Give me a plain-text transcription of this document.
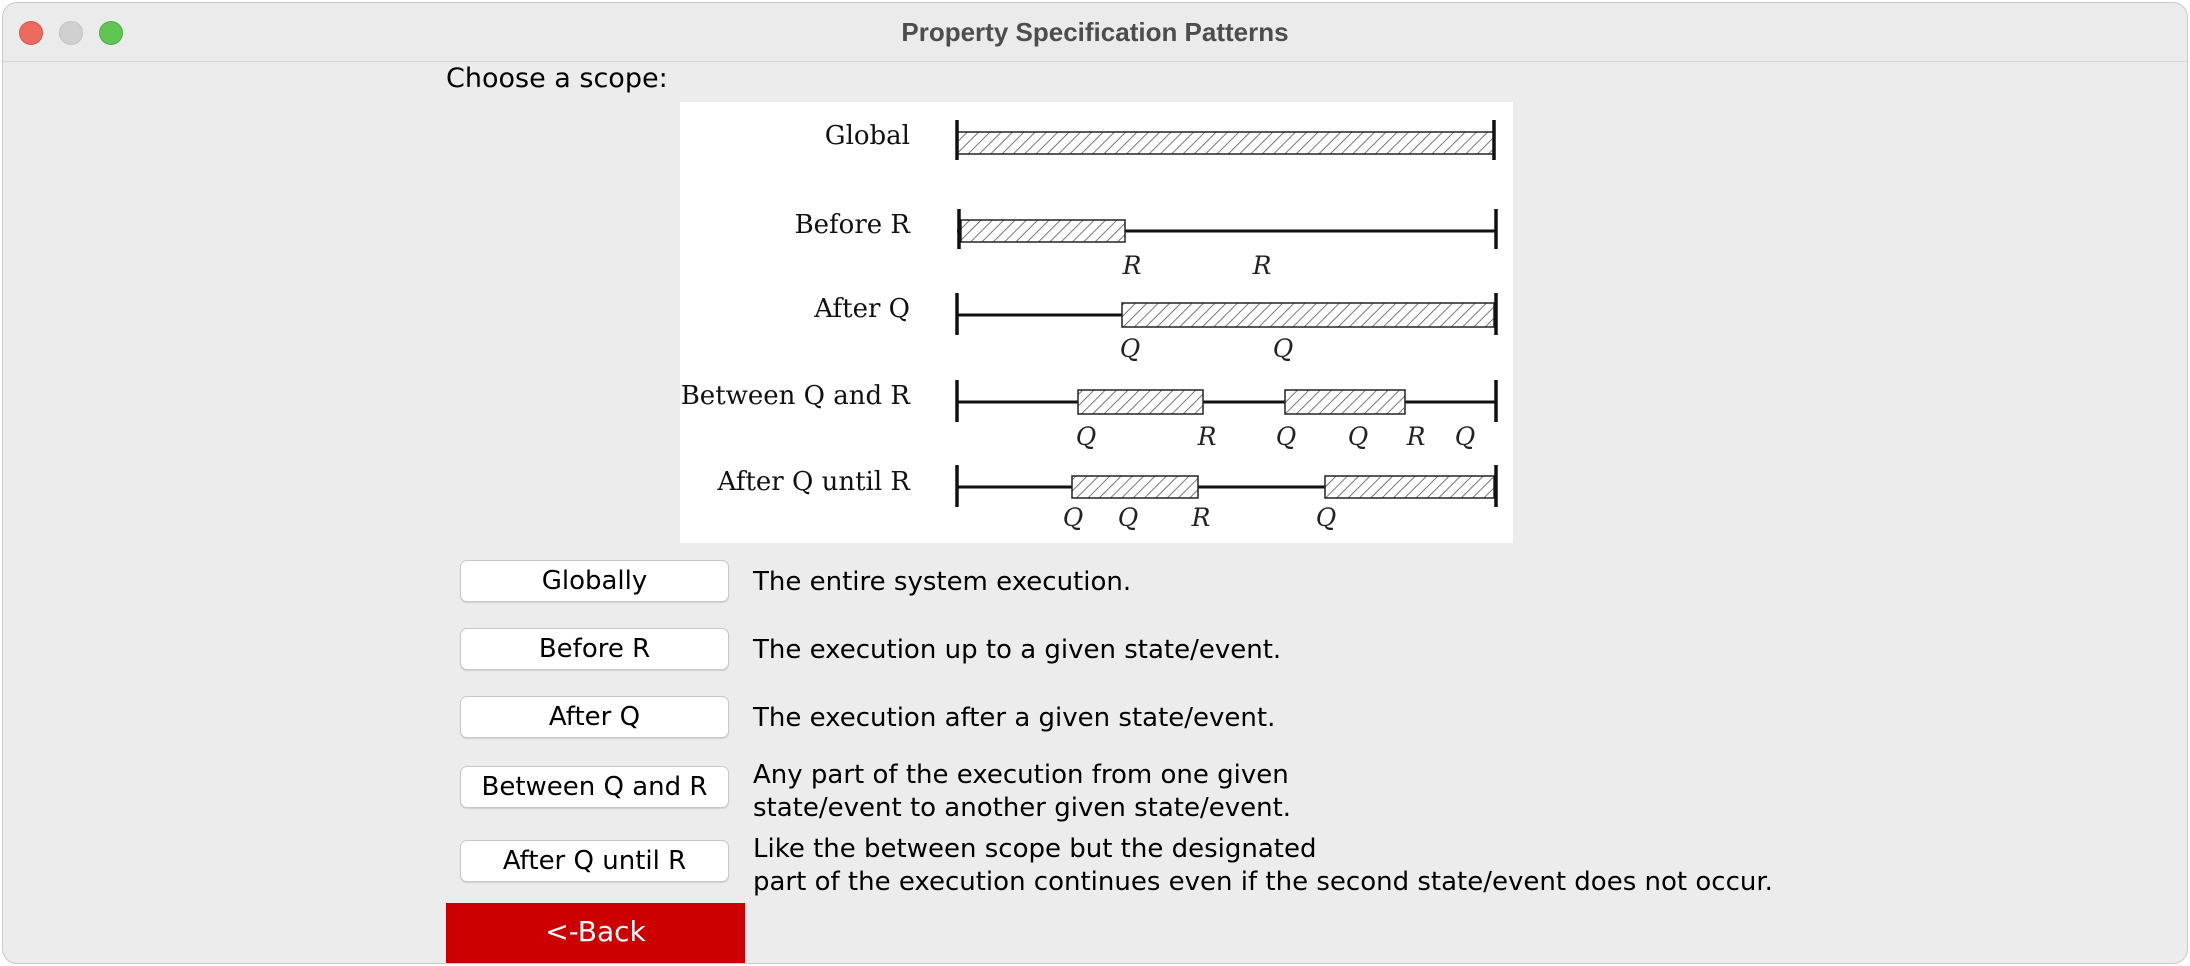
Property Specification Patterns
Choose a scope:
Global
Before R
R	R
After Q
Q	Q
Between Q and R
Q	R Q Q R Q
After Q until R
Q Q R	Q
Globally	The entire system execution.
Before R	The execution up to a given state/event.
After Q	The execution after a given state/event.
Between Q and R	Any part of the execution from one given
state/event to another given state/event.
After Q until R	Like the between scope but the designated
part of the execution continues even if the second state/event does not occur.
<-Back
